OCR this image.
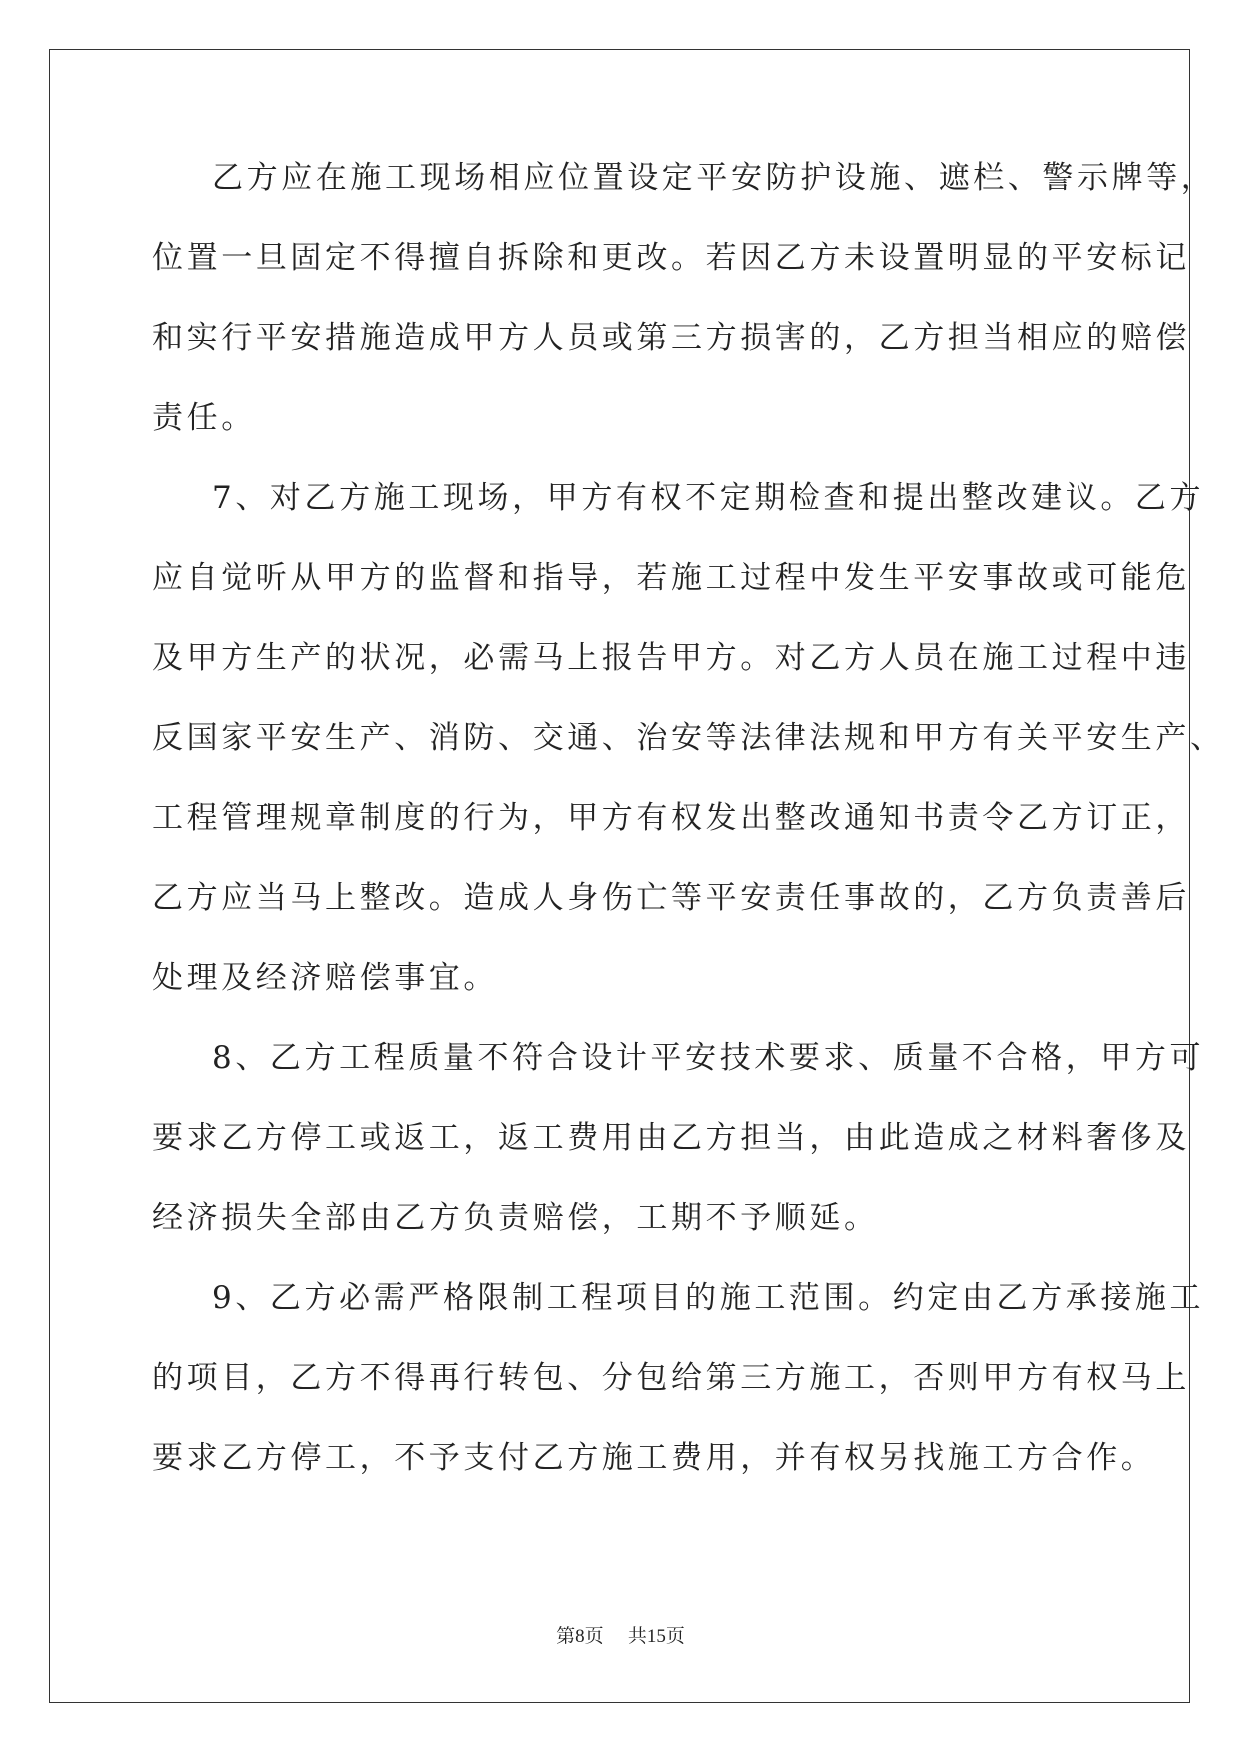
乙方应在施工现场相应位置设定平安防护设施、遮栏、警示牌等，
位置一旦固定不得擅自拆除和更改。若因乙方未设置明显的平安标记
和实行平安措施造成甲方人员或第三方损害的，乙方担当相应的赔偿
责任。
7、对乙方施工现场，甲方有权不定期检查和提出整改建议。乙方
应自觉听从甲方的监督和指导，若施工过程中发生平安事故或可能危
及甲方生产的状况，必需马上报告甲方。对乙方人员在施工过程中违
反国家平安生产、消防、交通、治安等法律法规和甲方有关平安生产、
工程管理规章制度的行为，甲方有权发出整改通知书责令乙方订正，
乙方应当马上整改。造成人身伤亡等平安责任事故的，乙方负责善后
处理及经济赔偿事宜。
8、乙方工程质量不符合设计平安技术要求、质量不合格，甲方可
要求乙方停工或返工，返工费用由乙方担当，由此造成之材料奢侈及
经济损失全部由乙方负责赔偿，工期不予顺延。
9、乙方必需严格限制工程项目的施工范围。约定由乙方承接施工
的项目，乙方不得再行转包、分包给第三方施工，否则甲方有权马上
要求乙方停工，不予支付乙方施工费用，并有权另找施工方合作。
第8页 共15页
